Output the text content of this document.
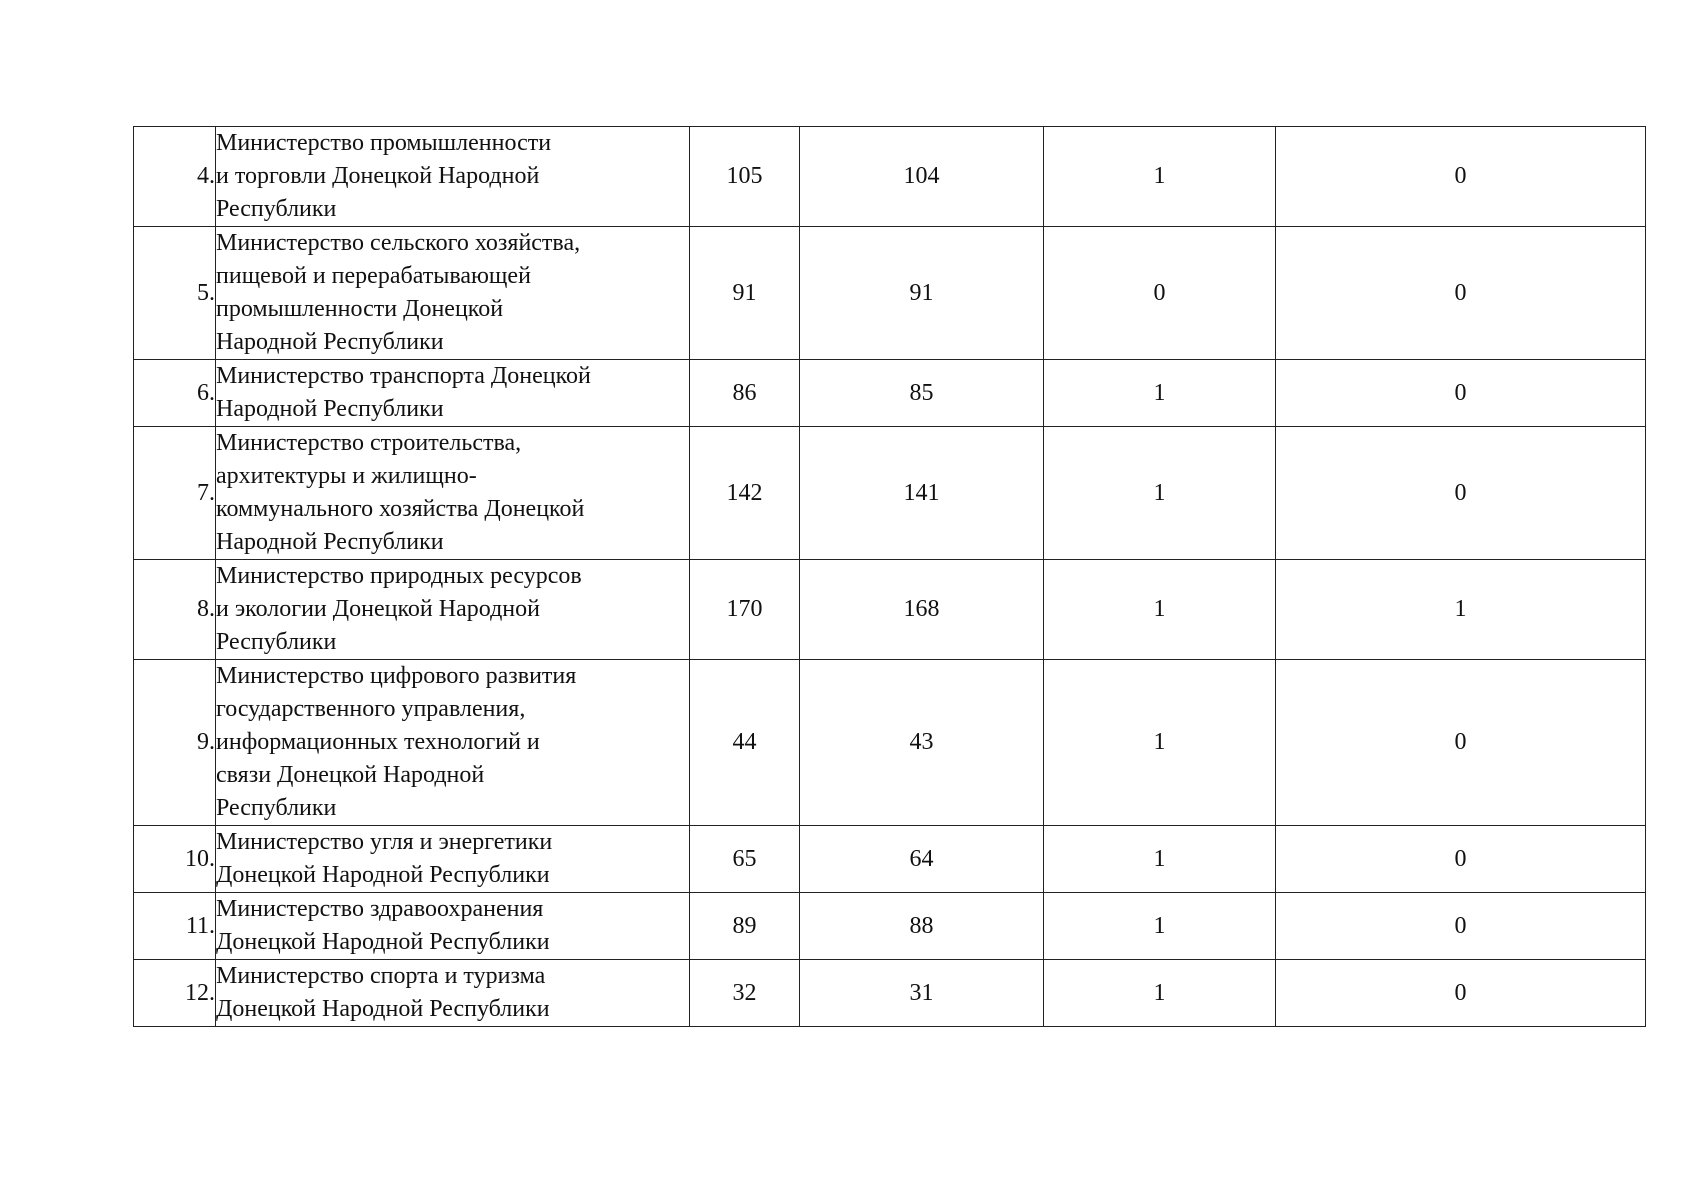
4.	Министерство промышленности
и торговли Донецкой Народной
Республики	105	104	1	0
5.	Министерство сельского хозяйства,
пищевой и перерабатывающей
промышленности Донецкой
Народной Республики	91	91	0	0
6.	Министерство транспорта Донецкой
Народной Республики	86	85	1	0
7.	Министерство строительства,
архитектуры и жилищно-
коммунального хозяйства Донецкой
Народной Республики	142	141	1	0
8.	Министерство природных ресурсов
и экологии Донецкой Народной
Республики	170	168	1	1
9.	Министерство цифрового развития
государственного управления,
информационных технологий и
связи Донецкой Народной
Республики	44	43	1	0
10.	Министерство угля и энергетики
Донецкой Народной Республики	65	64	1	0
11.	Министерство здравоохранения
Донецкой Народной Республики	89	88	1	0
12.	Министерство спорта и туризма
Донецкой Народной Республики	32	31	1	0
